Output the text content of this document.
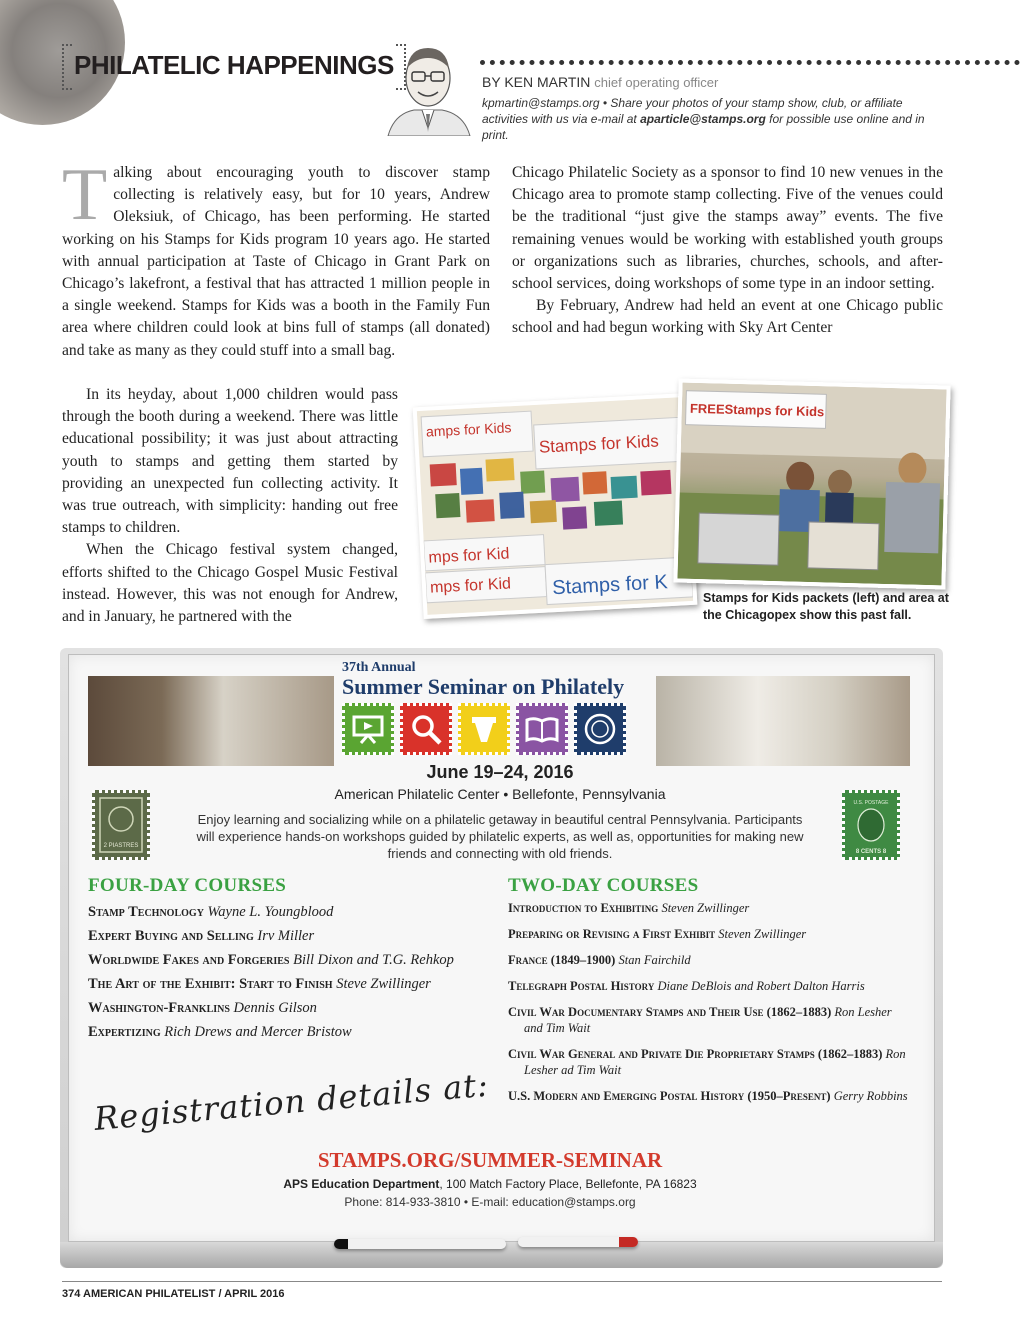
PHILATELIC HAPPENINGS
BY KEN MARTIN chief operating officer
kpmartin@stamps.org • Share your photos of your stamp show, club, or affiliate activities with us via e-mail at aparticle@stamps.org for possible use online and in print.

Talking about encouraging youth to discover stamp collecting is relatively easy, but for 10 years, Andrew Oleksiuk, of Chicago, has been performing. He started working on his Stamps for Kids program 10 years ago. He started with annual participation at Taste of Chicago in Grant Park on Chicago’s lakefront, a festival that has attracted 1 million people in a single weekend. Stamps for Kids was a booth in the Family Fun area where children could look at bins full of stamps (all donated) and take as many as they could stuff into a small bag.

In its heyday, about 1,000 children would pass through the booth during a weekend. There was little educational possibility; it was just about attracting youth to stamps and getting them started by providing an unexpected fun collecting activity. It was true outreach, with simplicity: handing out free stamps to children.

When the Chicago festival system changed, efforts shifted to the Chicago Gospel Music Festival instead. However, this was not enough for Andrew, and in January, he partnered with the

Chicago Philatelic Society as a sponsor to find 10 new venues in the Chicago area to promote stamp collecting. Five of the venues could be the traditional “just give the stamps away” events. The five remaining venues would be working with established youth groups or organizations such as libraries, churches, schools, and after-school services, doing workshops of some type in an indoor setting.

By February, Andrew had held an event at one Chicago public school and had begun working with Sky Art Center

amps for Kids
Stamps for Kids
mps for Kid
mps for Kid Stamps for K
FREEStamps for Kids
Stamps for Kids packets (left) and area at the Chicagopex show this past fall.
37th Annual
Summer Seminar on Philately
June 19–24, 2016
American Philatelic Center • Bellefonte, Pennsylvania
Enjoy learning and socializing while on a philatelic getaway in beautiful central Pennsylvania. Participants will experience hands-on workshops guided by philatelic experts, as well as, opportunities for making new friends and connecting with old friends.
2 PIASTRES
U.S. POSTAGE
8 CENTS 8
FOUR-DAY COURSES
Stamp Technology Wayne L. Youngblood
Expert Buying and Selling Irv Miller
Worldwide Fakes and Forgeries Bill Dixon and T.G. Rehkop
The Art of the Exhibit: Start to Finish Steve Zwillinger
Washington-Franklins Dennis Gilson
Expertizing Rich Drews and Mercer Bristow
TWO-DAY COURSES
Introduction to Exhibiting Steven Zwillinger
Preparing or Revising a First Exhibit Steven Zwillinger
France (1849–1900) Stan Fairchild
Telegraph Postal History Diane DeBlois and Robert Dalton Harris
Civil War Documentary Stamps and Their Use (1862–1883) Ron Lesher and Tim Wait
Civil War General and Private Die Proprietary Stamps (1862–1883) Ron Lesher ad Tim Wait
U.S. Modern and Emerging Postal History (1950–Present) Gerry Robbins
Registration details at:
STAMPS.ORG/SUMMER-SEMINAR
APS Education Department, 100 Match Factory Place, Bellefonte, PA 16823
Phone: 814-933-3810 • E-mail: education@stamps.org
374 AMERICAN PHILATELIST / APRIL 2016
